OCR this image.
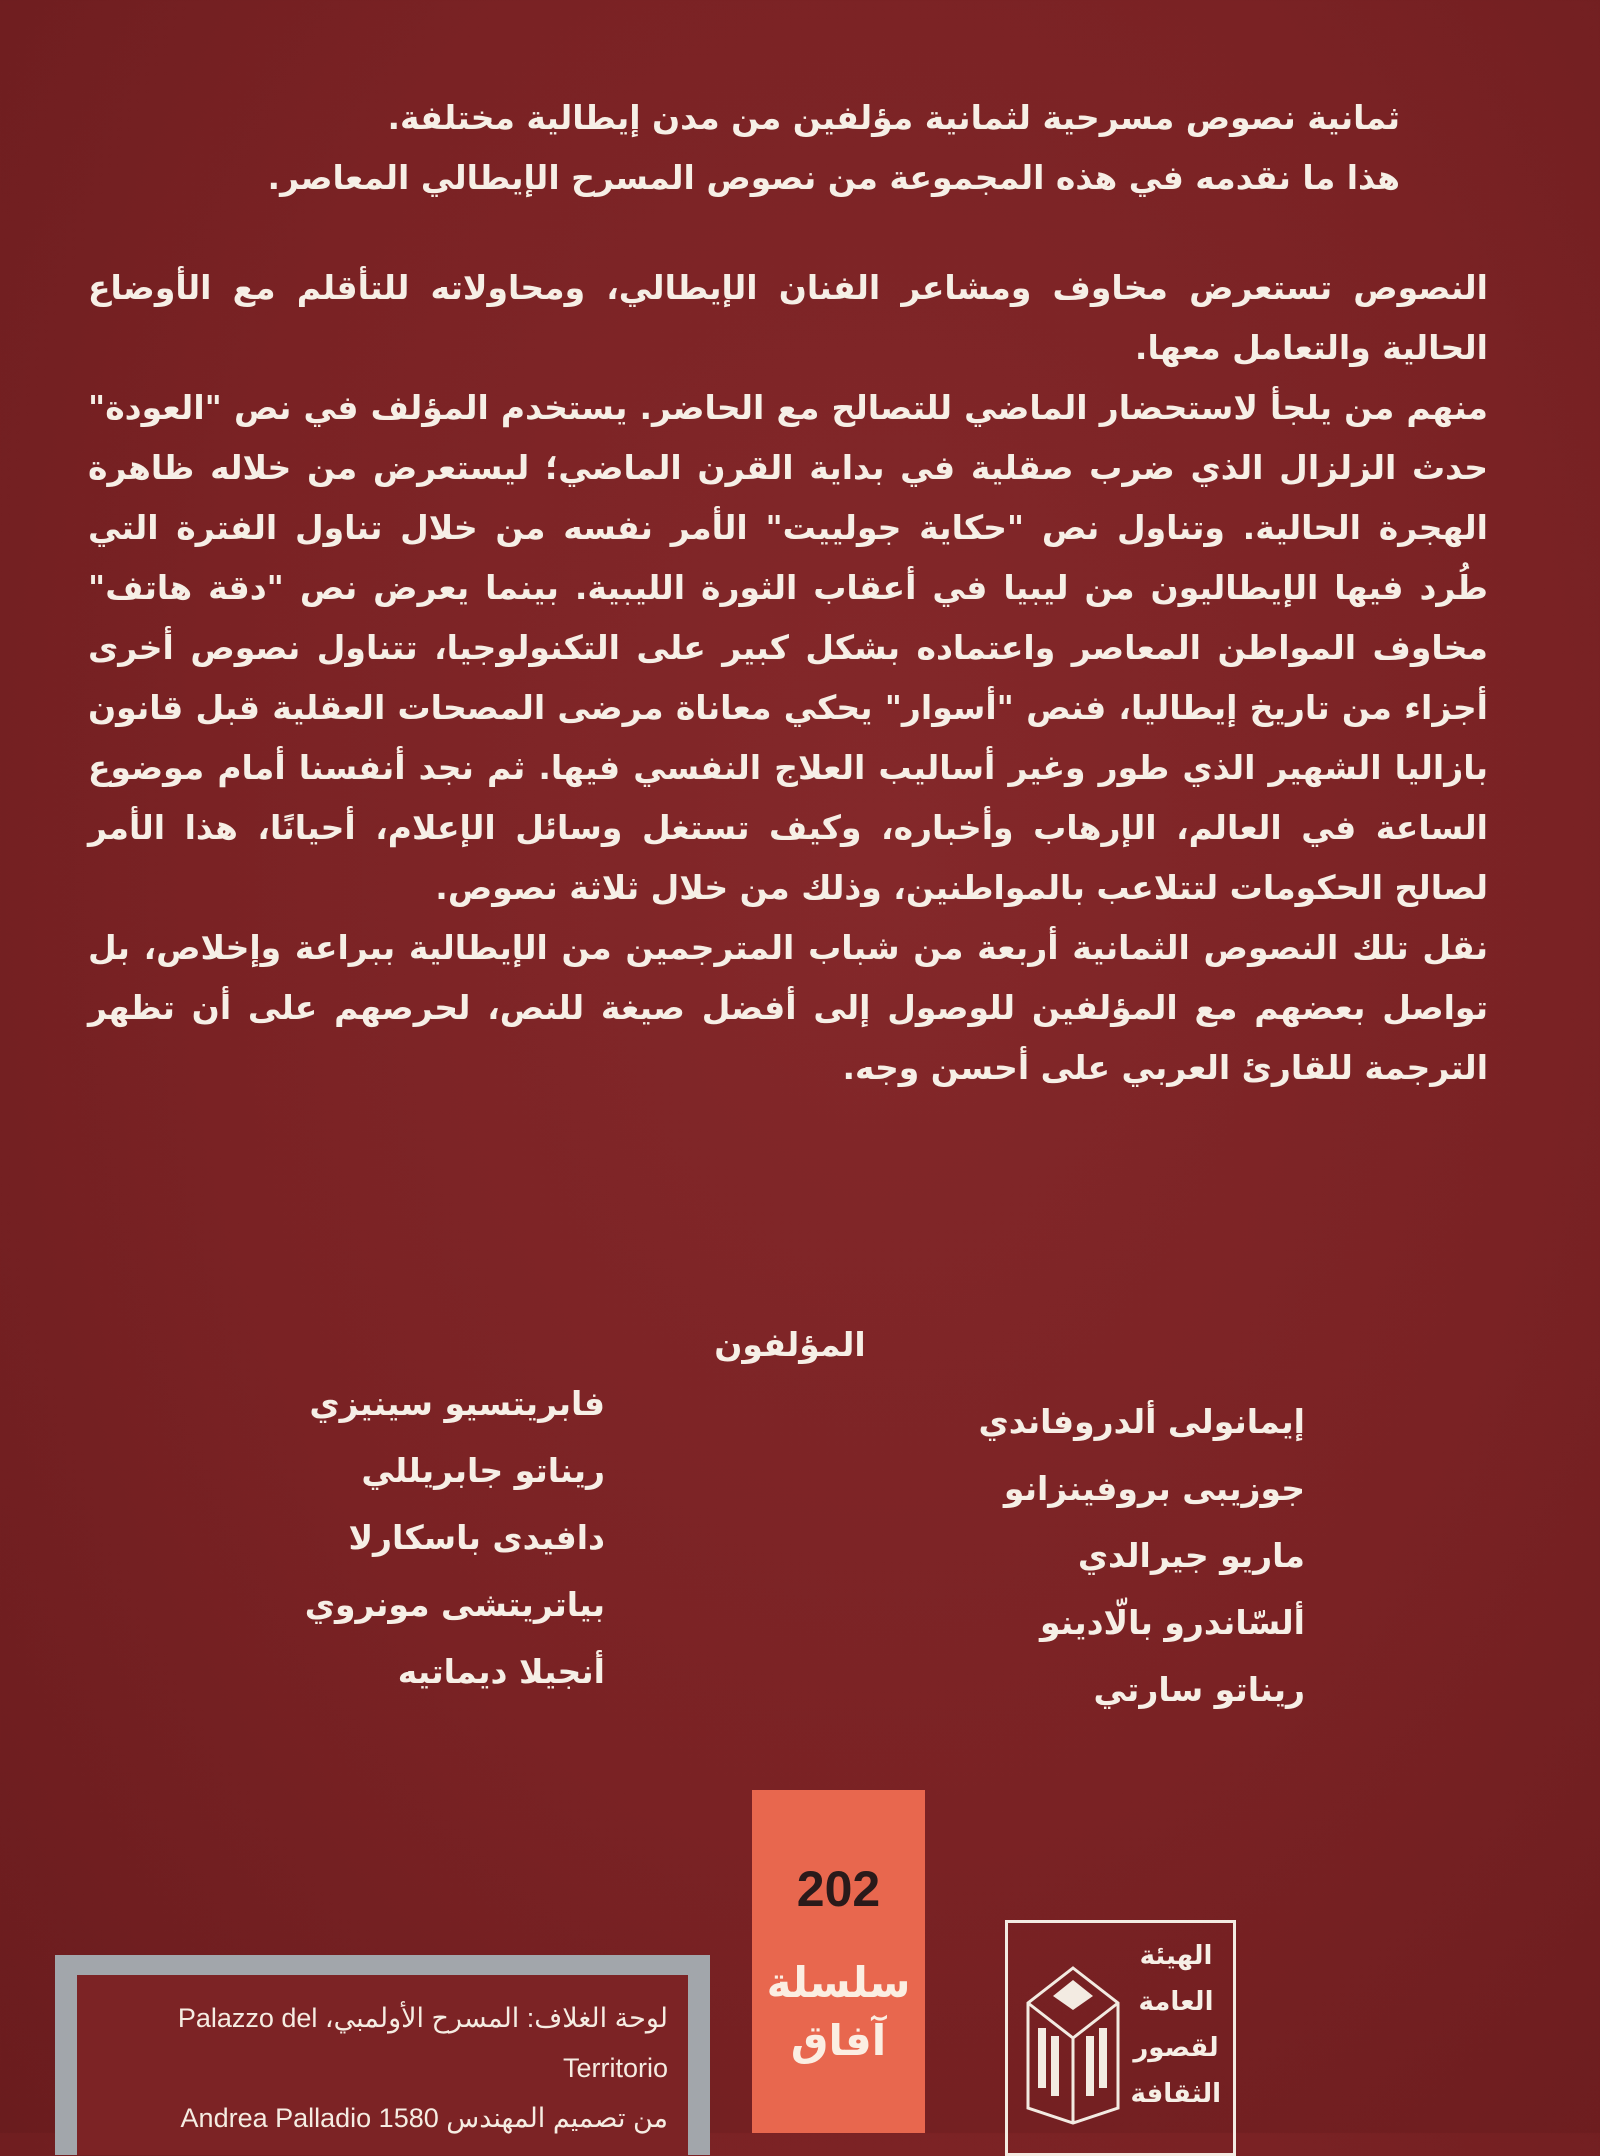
ثمانية نصوص مسرحية لثمانية مؤلفين من مدن إيطالية مختلفة.
هذا ما نقدمه في هذه المجموعة من نصوص المسرح الإيطالي المعاصر.

النصوص تستعرض مخاوف ومشاعر الفنان الإيطالي، ومحاولاته للتأقلم مع الأوضاع الحالية والتعامل معها.

منهم من يلجأ لاستحضار الماضي للتصالح مع الحاضر. يستخدم المؤلف في نص "العودة" حدث الزلزال الذي ضرب صقلية في بداية القرن الماضي؛ ليستعرض من خلاله ظاهرة الهجرة الحالية. وتناول نص "حكاية جولييت" الأمر نفسه من خلال تناول الفترة التي طُرد فيها الإيطاليون من ليبيا في أعقاب الثورة الليبية. بينما يعرض نص "دقة هاتف" مخاوف المواطن المعاصر واعتماده بشكل كبير على التكنولوجيا، تتناول نصوص أخرى أجزاء من تاريخ إيطاليا، فنص "أسوار" يحكي معاناة مرضى المصحات العقلية قبل قانون بازاليا الشهير الذي طور وغير أساليب العلاج النفسي فيها. ثم نجد أنفسنا أمام موضوع الساعة في العالم، الإرهاب وأخباره، وكيف تستغل وسائل الإعلام، أحيانًا، هذا الأمر لصالح الحكومات لتتلاعب بالمواطنين، وذلك من خلال ثلاثة نصوص.

نقل تلك النصوص الثمانية أربعة من شباب المترجمين من الإيطالية ببراعة وإخلاص، بل تواصل بعضهم مع المؤلفين للوصول إلى أفضل صيغة للنص، لحرصهم على أن تظهر الترجمة للقارئ العربي على أحسن وجه.

المؤلفون
إيمانولى ألدروفاندي
جوزيبى بروفينزانو
ماريو جيرالدي
ألسّاندرو بالّادينو
ريناتو سارتي
فابريتسيو سينيزي
ريناتو جابريللي
دافيدى باسكارلا
بياتريتشى مونروي
أنجيلا ديماتيه
202
سلسلة
آفاق
لوحة الغلاف: المسرح الأولمبي، Palazzo del Territorio
من تصميم المهندس Andrea Palladio 1580
الهيئة
العامة
لقصور
الثقافة
